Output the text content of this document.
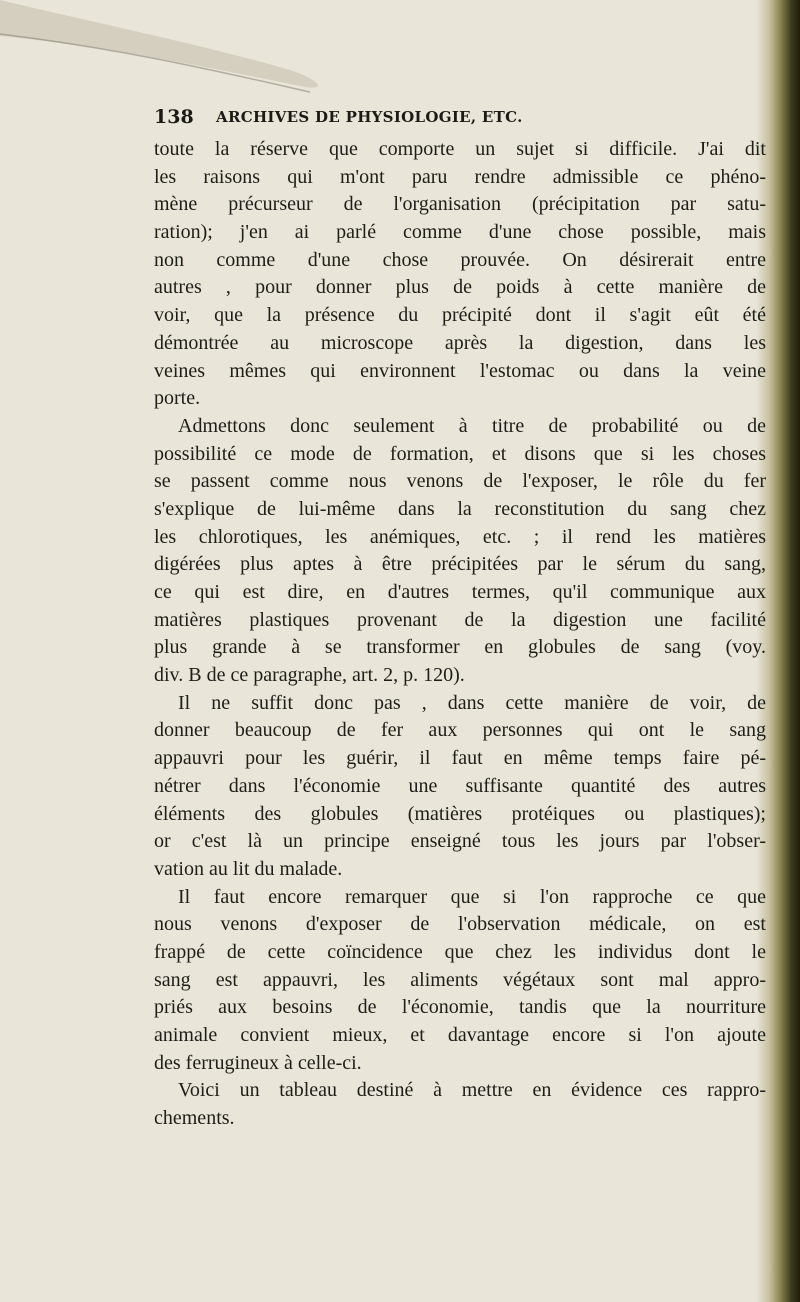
138 ARCHIVES DE PHYSIOLOGIE, ETC.
toute la réserve que comporte un sujet si difficile. J'ai dit
les raisons qui m'ont paru rendre admissible ce phéno-
mène précurseur de l'organisation (précipitation par satu-
ration); j'en ai parlé comme d'une chose possible, mais
non comme d'une chose prouvée. On désirerait entre
autres , pour donner plus de poids à cette manière de
voir, que la présence du précipité dont il s'agit eût été
démontrée au microscope après la digestion, dans les
veines mêmes qui environnent l'estomac ou dans la veine
porte.
Admettons donc seulement à titre de probabilité ou de
possibilité ce mode de formation, et disons que si les choses
se passent comme nous venons de l'exposer, le rôle du fer
s'explique de lui-même dans la reconstitution du sang chez
les chlorotiques, les anémiques, etc. ; il rend les matières
digérées plus aptes à être précipitées par le sérum du sang,
ce qui est dire, en d'autres termes, qu'il communique aux
matières plastiques provenant de la digestion une facilité
plus grande à se transformer en globules de sang (voy.
div. B de ce paragraphe, art. 2, p. 120).
Il ne suffit donc pas , dans cette manière de voir, de
donner beaucoup de fer aux personnes qui ont le sang
appauvri pour les guérir, il faut en même temps faire pé-
nétrer dans l'économie une suffisante quantité des autres
éléments des globules (matières protéiques ou plastiques);
or c'est là un principe enseigné tous les jours par l'obser-
vation au lit du malade.
Il faut encore remarquer que si l'on rapproche ce que
nous venons d'exposer de l'observation médicale, on est
frappé de cette coïncidence que chez les individus dont le
sang est appauvri, les aliments végétaux sont mal appro-
priés aux besoins de l'économie, tandis que la nourriture
animale convient mieux, et davantage encore si l'on ajoute
des ferrugineux à celle-ci.
Voici un tableau destiné à mettre en évidence ces rappro-
chements.
